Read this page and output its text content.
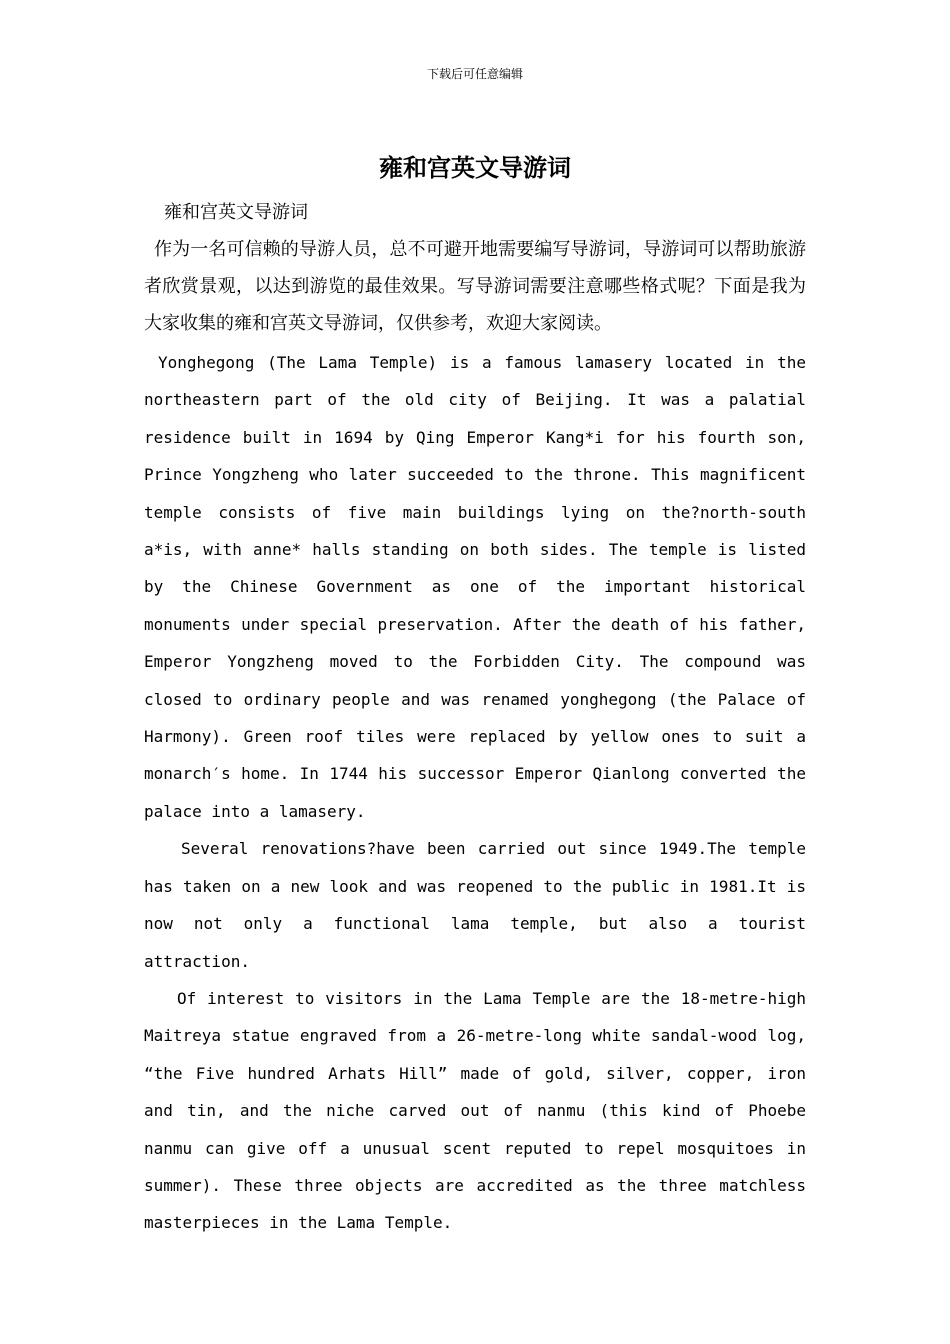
下载后可任意编辑
雍和宫英文导游词

雍和宫英文导游词

作为一名可信赖的导游人员，总不可避开地需要编写导游词，导游词可以帮助旅游者欣赏景观，以达到游览的最佳效果。写导游词需要注意哪些格式呢？下面是我为大家收集的雍和宫英文导游词，仅供参考，欢迎大家阅读。

Yonghegong (The Lama Temple) is a famous lamasery located in the northeastern part of the old city of Beijing. It was a palatial residence built in 1694 by Qing Emperor Kang*i for his fourth son, Prince Yongzheng who later succeeded to the throne. This magnificent temple consists of five main buildings lying on the?north-south a*is, with anne* halls standing on both sides. The temple is listed by the Chinese Government as one of the important historical monuments under special preservation. After the death of his father, Emperor Yongzheng moved to the Forbidden City. The compound was closed to ordinary people and was renamed yonghegong (the Palace of Harmony). Green roof tiles were replaced by yellow ones to suit a monarch′s home. In 1744 his successor Emperor Qianlong converted the palace into a lamasery.

Several renovations?have been carried out since 1949.The temple has taken on a new look and was reopened to the public in 1981.It is now not only a functional lama temple, but also a tourist attraction.

Of interest to visitors in the Lama Temple are the 18-metre-high Maitreya statue engraved from a 26-metre-long white sandal-wood log, “the Five hundred Arhats Hill” made of gold, silver, copper, iron and tin, and the niche carved out of nanmu (this kind of Phoebe nanmu can give off a unusual scent reputed to repel mosquitoes in summer). These three objects are accredited as the three matchless masterpieces in the Lama Temple.
